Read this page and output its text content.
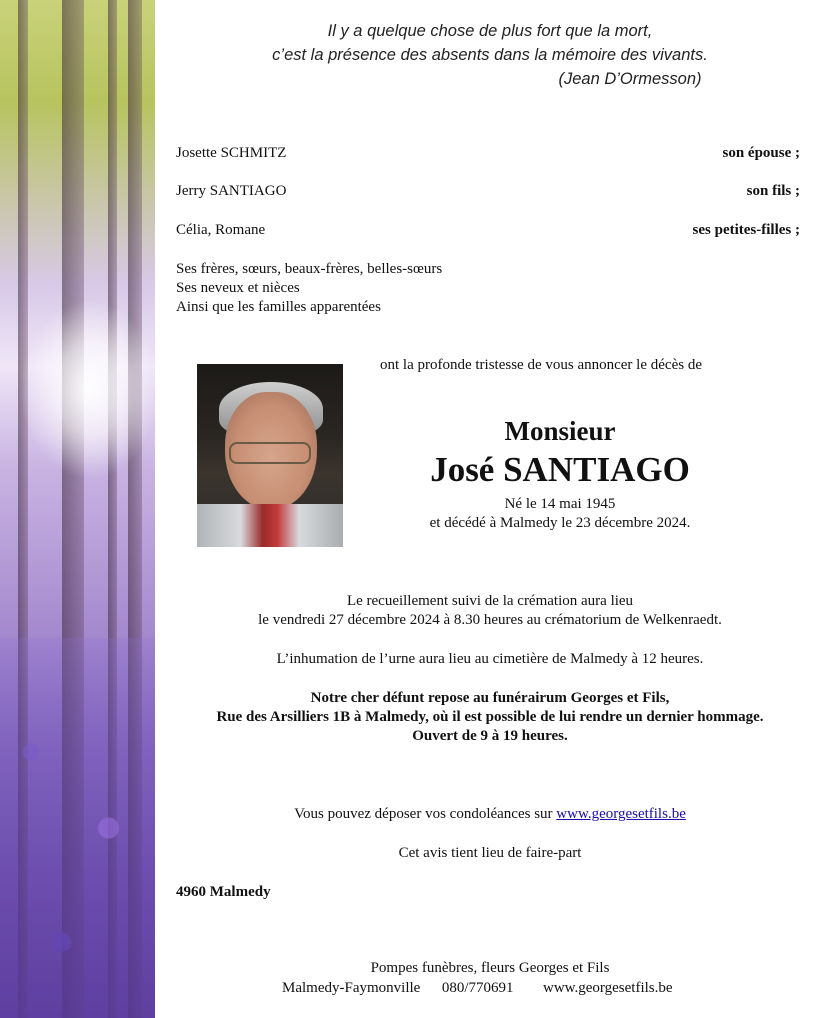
Il y a quelque chose de plus fort que la mort,
c’est la présence des absents dans la mémoire des vivants.
(Jean D’Ormesson)
Josette SCHMITZ	son épouse ;
Jerry SANTIAGO	son fils ;
Célia, Romane	ses petites-filles ;
Ses frères, sœurs, beaux-frères, belles-sœurs
Ses neveux et nièces
Ainsi que les familles apparentées
ont la profonde tristesse de vous annoncer le décès de
Monsieur
José SANTIAGO
Né le 14 mai 1945
et décédé à Malmedy le 23 décembre 2024.
Le recueillement suivi de la crémation aura lieu
le vendredi 27 décembre 2024 à 8.30 heures au crématorium de Welkenraedt.
L’inhumation de l’urne aura lieu au cimetière de Malmedy à 12 heures.
Notre cher défunt repose au funérairum Georges et Fils,
Rue des Arsilliers 1B à Malmedy, où il est possible de lui rendre un dernier hommage.
Ouvert de 9 à 19 heures.
Vous pouvez déposer vos condoléances sur www.georgesetfils.be
Cet avis tient lieu de faire-part
4960 Malmedy
Pompes funèbres, fleurs Georges et Fils
Malmedy-Faymonville 080/770691 www.georgesetfils.be
